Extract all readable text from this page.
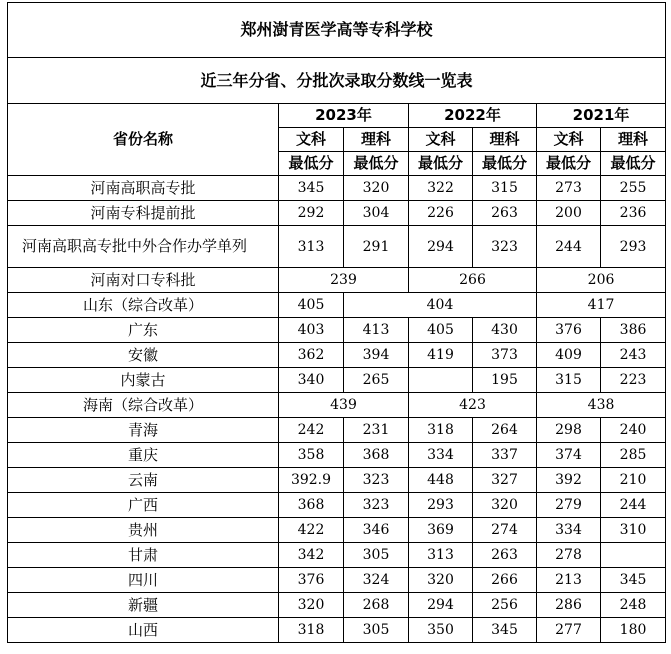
郑州澍青医学高等专科学校						
近三年分省、分批次录取分数线一览表						
省份名称	2023年		2022年		2021年	
	文科	理科	文科	理科	文科	理科
	最低分	最低分	最低分	最低分	最低分	最低分
河南高职高专批	345	320	322	315	273	255
河南专科提前批	292	304	226	263	200	236
河南高职高专批中外合作办学单列	313	291	294	323	244	293
河南对口专科批	239		266		206	
山东（综合改革）	405	404			417	
广东	403	413	405	430	376	386
安徽	362	394	419	373	409	243
内蒙古	340	265		195	315	223
海南（综合改革）	439		423		438	
青海	242	231	318	264	298	240
重庆	358	368	334	337	374	285
云南	392.9	323	448	327	392	210
广西	368	323	293	320	279	244
贵州	422	346	369	274	334	310
甘肃	342	305	313	263	278	
四川	376	324	320	266	213	345
新疆	320	268	294	256	286	248
山西	318	305	350	345	277	180
